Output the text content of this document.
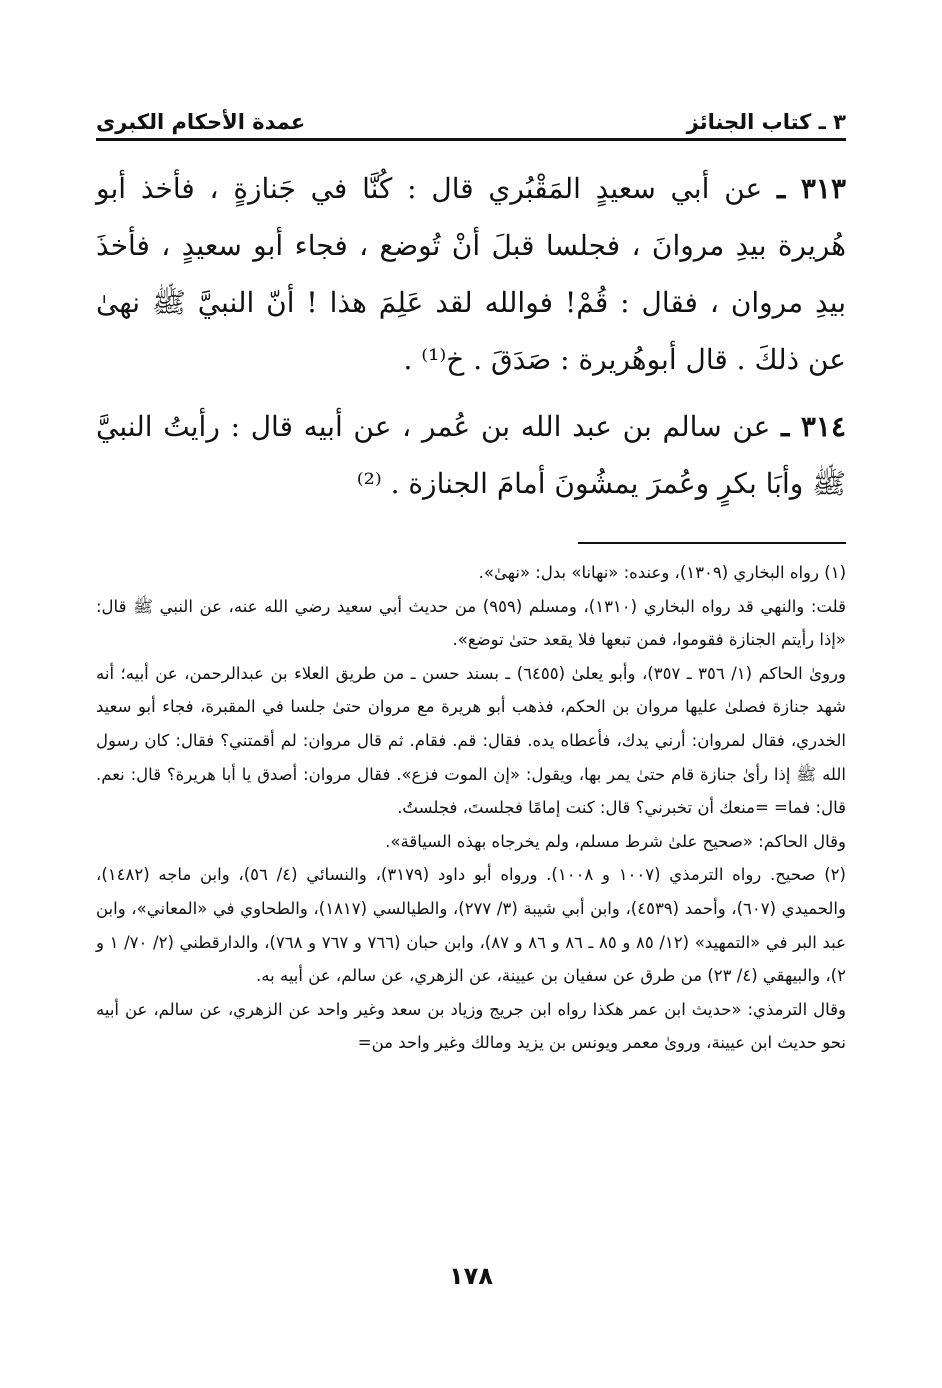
٣ ـ كتاب الجنائز
عمدة الأحكام الكبرى

٣١٣ ـ عن أبي سعيدٍ المَقْبُري قال : كُنَّا في جَنازةٍ ، فأخذ أبو هُريرة بيدِ مروانَ ، فجلسا قبلَ أنْ تُوضع ، فجاء أبو سعيدٍ ، فأخذَ بيدِ مروان ، فقال : قُمْ! فوالله لقد عَلِمَ هذا ! أنّ النبيَّ ﷺ نهىٰ عن ذلكَ . قال أبوهُريرة : صَدَقَ . خ⁽¹⁾ .

٣١٤ ـ عن سالم بن عبد الله بن عُمر ، عن أبيه قال : رأيتُ النبيَّ ﷺ وأبَا بكرٍ وعُمرَ يمشُونَ أمامَ الجنازة . ⁽²⁾

(١) رواه البخاري (١٣٠٩)، وعنده: «نهانا» بدل: «نهىٰ».

قلت: والنهي قد رواه البخاري (١٣١٠)، ومسلم (٩٥٩) من حديث أبي سعيد رضي الله عنه، عن النبي ﷺ قال: «إذا رأيتم الجنازة فقوموا، فمن تبعها فلا يقعد حتىٰ توضع».

ورویٰ الحاكم (١/ ٣٥٦ ـ ٣٥٧)، وأبو يعلىٰ (٦٤٥٥) ـ بسند حسن ـ من طريق العلاء بن عبدالرحمن، عن أبيه؛ أنه شهد جنازة فصلىٰ عليها مروان بن الحكم، فذهب أبو هريرة مع مروان حتىٰ جلسا في المقبرة، فجاء أبو سعيد الخدري، فقال لمروان: أرني يدك، فأعطاه يده. فقال: قم. فقام. ثم قال مروان: لم أقمتني؟ فقال: كان رسول الله ﷺ إذا رأىٰ جنازة قام حتىٰ يمر بها، ويقول: «إن الموت فزع». فقال مروان: أصدق يا أبا هريرة؟ قال: نعم. قال: فما= =منعك أن تخبرني؟ قال: كنت إمامًا فجلستَ، فجلستُ.

وقال الحاكم: «صحيح علىٰ شرط مسلم، ولم يخرجاه بهذه السياقة».

(٢) صحيح. رواه الترمذي (١٠٠٧ و ١٠٠٨). ورواه أبو داود (٣١٧٩)، والنسائي (٤/ ٥٦)، وابن ماجه (١٤٨٢)، والحميدي (٦٠٧)، وأحمد (٤٥٣٩)، وابن أبي شيبة (٣/ ٢٧٧)، والطيالسي (١٨١٧)، والطحاوي في «المعاني»، وابن عبد البر في «التمهيد» (١٢/ ٨٥ و ٨٥ ـ ٨٦ و ٨٦ و ٨٧)، وابن حبان (٧٦٦ و ٧٦٧ و ٧٦٨)، والدارقطني (٢/ ٧٠/ ١ و ٢)، والبيهقي (٤/ ٢٣) من طرق عن سفيان بن عيينة، عن الزهري، عن سالم، عن أبيه به.

وقال الترمذي: «حديث ابن عمر هكذا رواه ابن جريج وزياد بن سعد وغير واحد عن الزهري، عن سالم، عن أبيه نحو حديث ابن عيينة، وروىٰ معمر ويونس بن يزيد ومالك وغير واحد من=

١٧٨
